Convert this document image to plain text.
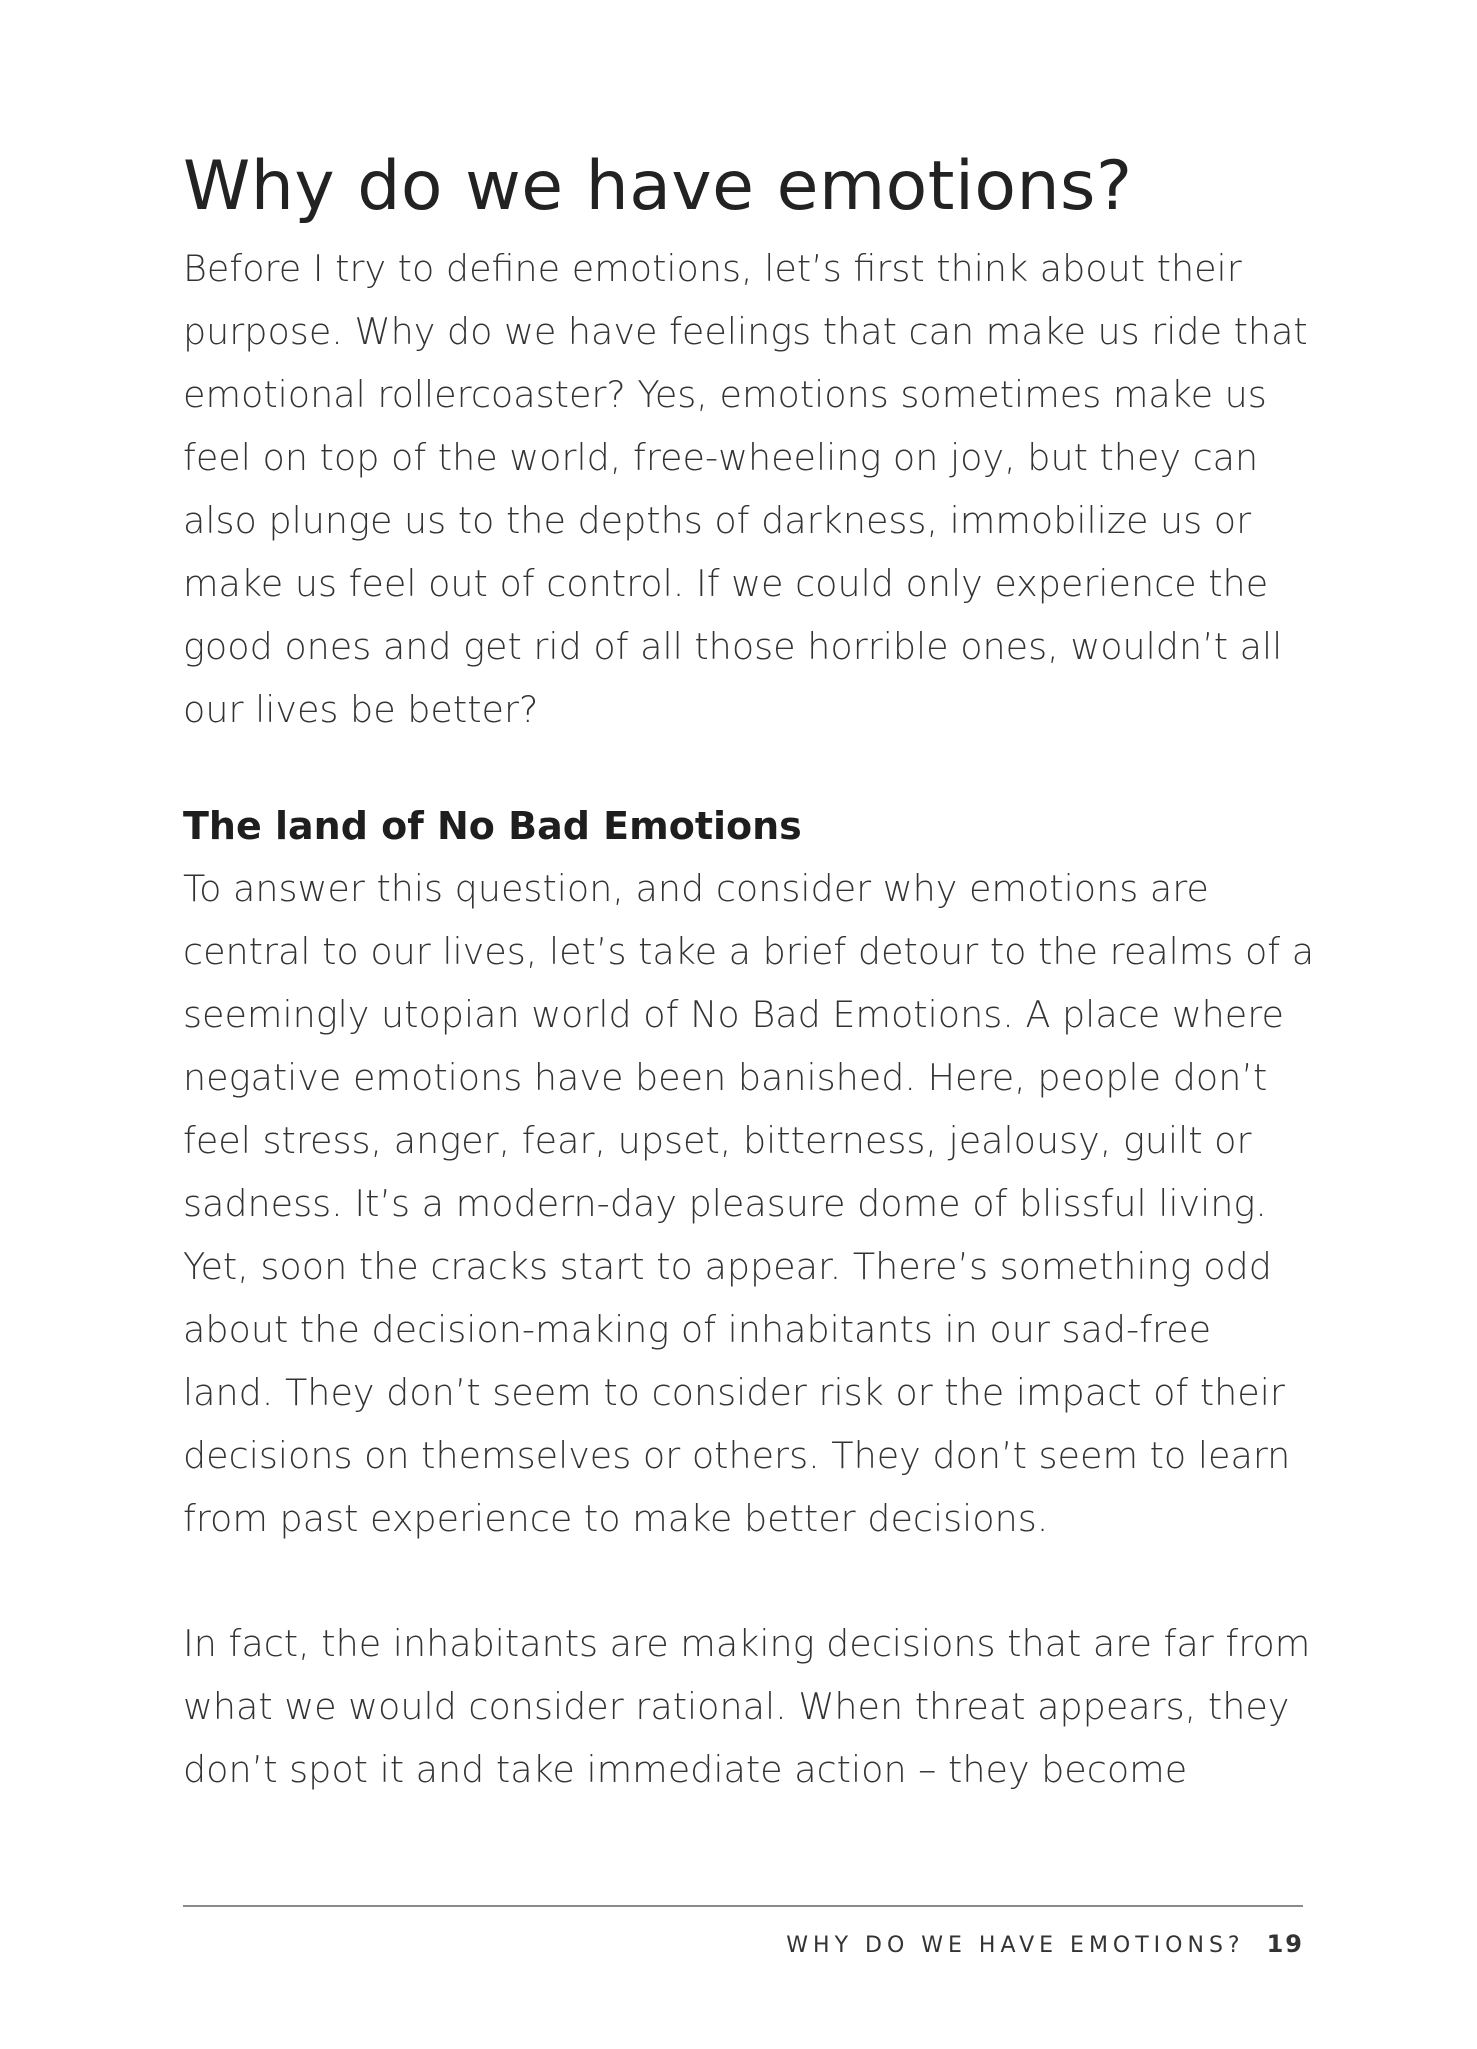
Why do we have emotions?

Before I try to define emotions, let’s first think about their
purpose. Why do we have feelings that can make us ride that
emotional rollercoaster? Yes, emotions sometimes make us
feel on top of the world, free-wheeling on joy, but they can
also plunge us to the depths of darkness, immobilize us or
make us feel out of control. If we could only experience the
good ones and get rid of all those horrible ones, wouldn’t all
our lives be better?

The land of No Bad Emotions

To answer this question, and consider why emotions are
central to our lives, let’s take a brief detour to the realms of a
seemingly utopian world of No Bad Emotions. A place where
negative emotions have been banished. Here, people don’t
feel stress, anger, fear, upset, bitterness, jealousy, guilt or
sadness. It’s a modern-day pleasure dome of blissful living.
Yet, soon the cracks start to appear. There’s something odd
about the decision-making of inhabitants in our sad-free
land. They don’t seem to consider risk or the impact of their
decisions on themselves or others. They don’t seem to learn
from past experience to make better decisions.

In fact, the inhabitants are making decisions that are far from
what we would consider rational. When threat appears, they
don’t spot it and take immediate action – they become

WHY DO WE HAVE EMOTIONS? 19
